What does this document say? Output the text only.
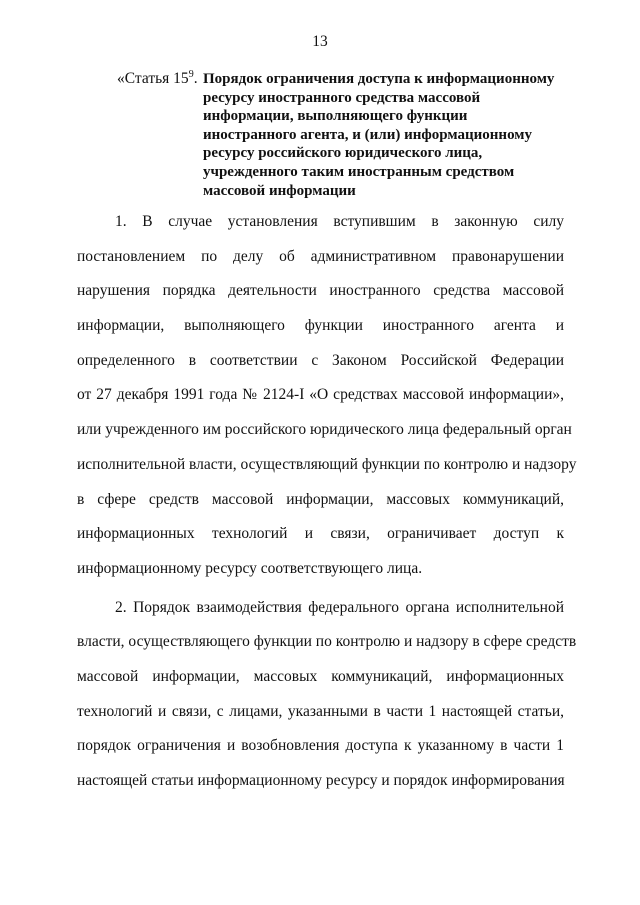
13
«Статья $15^9$. Порядок ограничения доступа к информационному
ресурсу иностранного средства массовой
информации, выполняющего функции
иностранного агента, и (или) информационному
ресурсу российского юридического лица,
учрежденного таким иностранным средством
массовой информации
1. В случае установления вступившим в законную силу
постановлением по делу об административном правонарушении
нарушения порядка деятельности иностранного средства массовой
информации, выполняющего функции иностранного агента и
определенного в соответствии с Законом Российской Федерации
от 27 декабря 1991 года № 2124-I «О средствах массовой информации»,
или учрежденного им российского юридического лица федеральный орган
исполнительной власти, осуществляющий функции по контролю и надзору
в сфере средств массовой информации, массовых коммуникаций,
информационных технологий и связи, ограничивает доступ к
информационному ресурсу соответствующего лица.
2. Порядок взаимодействия федерального органа исполнительной
власти, осуществляющего функции по контролю и надзору в сфере средств
массовой информации, массовых коммуникаций, информационных
технологий и связи, с лицами, указанными в части 1 настоящей статьи,
порядок ограничения и возобновления доступа к указанному в части 1
настоящей статьи информационному ресурсу и порядок информирования
